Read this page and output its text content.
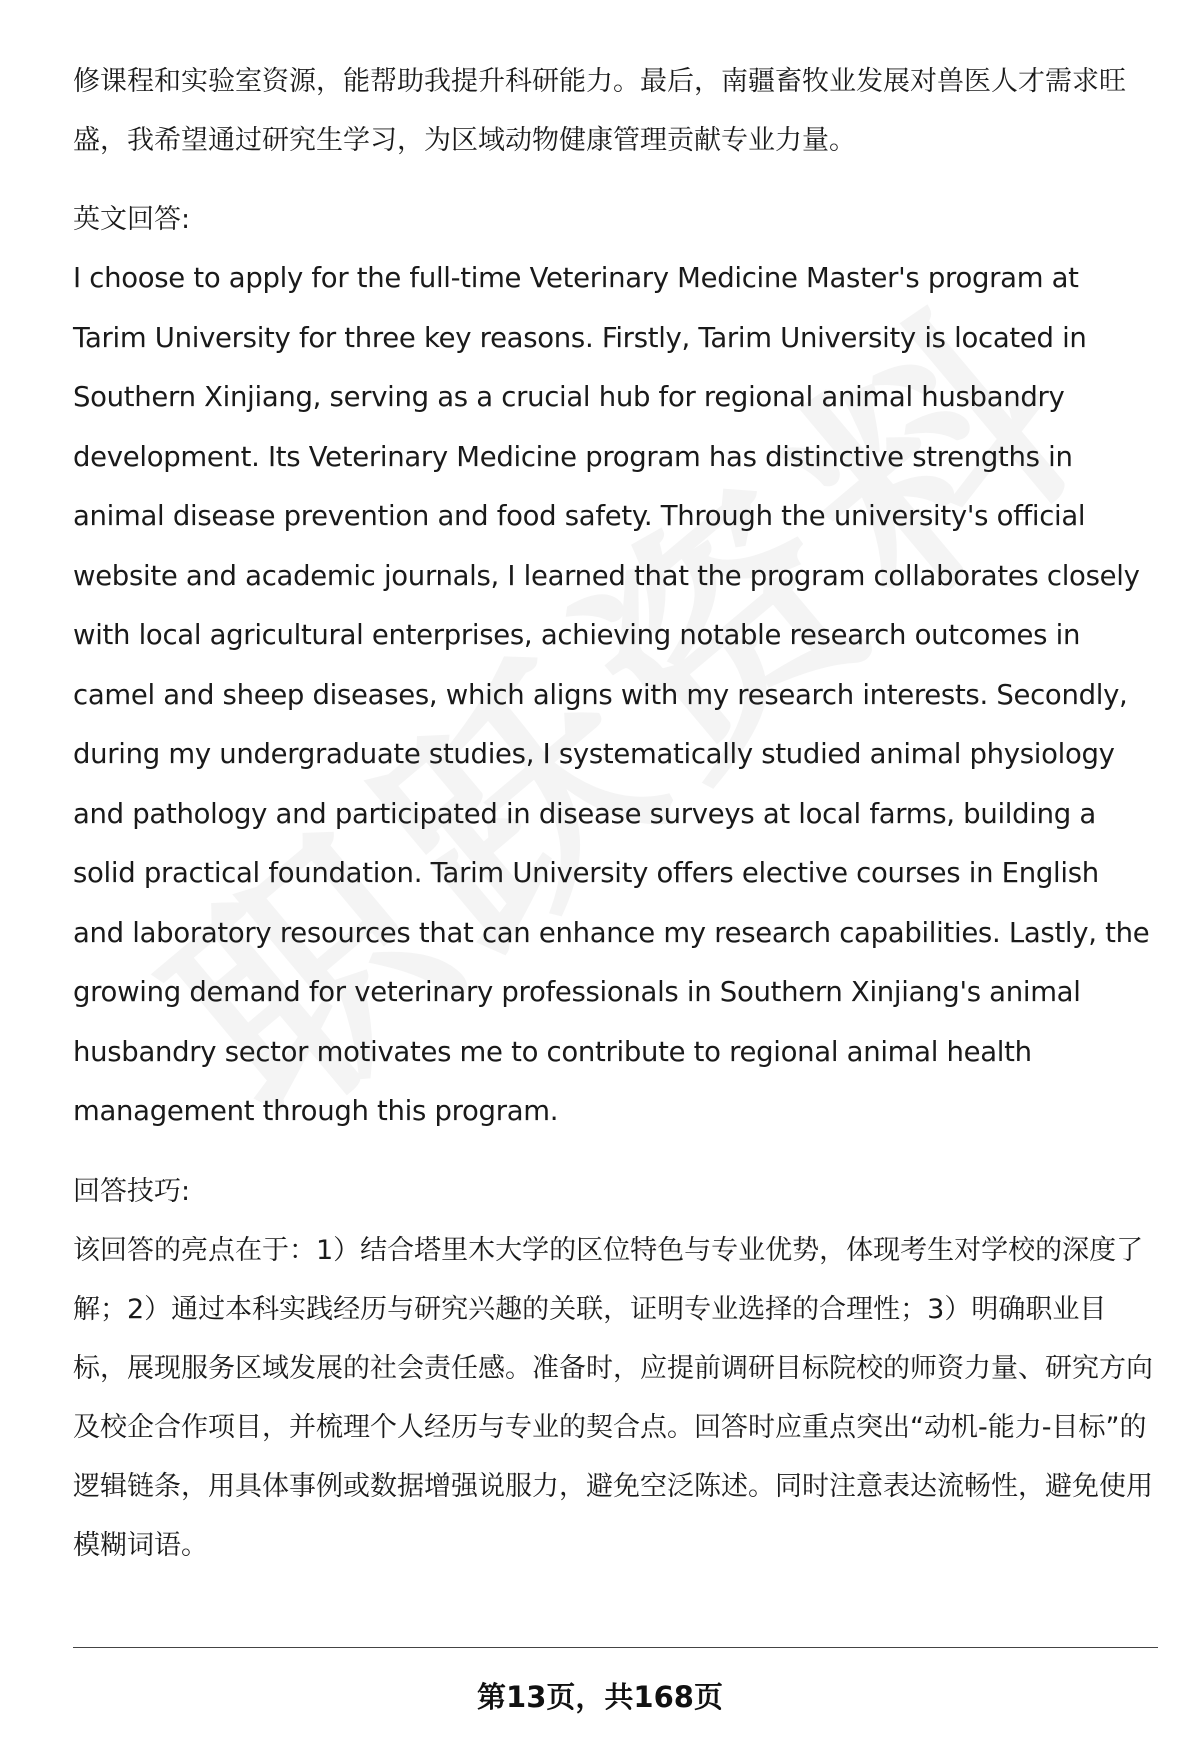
修课程和实验室资源，能帮助我提升科研能力。最后，南疆畜牧业发展对兽医人才需求旺盛，我希望通过研究生学习，为区域动物健康管理贡献专业力量。

英文回答:

I choose to apply for the full-time Veterinary Medicine Master's program at Tarim University for three key reasons. Firstly, Tarim University is located in Southern Xinjiang, serving as a crucial hub for regional animal husbandry development. Its Veterinary Medicine program has distinctive strengths in animal disease prevention and food safety. Through the university's official website and academic journals, I learned that the program collaborates closely with local agricultural enterprises, achieving notable research outcomes in camel and sheep diseases, which aligns with my research interests. Secondly, during my undergraduate studies, I systematically studied animal physiology and pathology and participated in disease surveys at local farms, building a solid practical foundation. Tarim University offers elective courses in English and laboratory resources that can enhance my research capabilities. Lastly, the growing demand for veterinary professionals in Southern Xinjiang's animal husbandry sector motivates me to contribute to regional animal health management through this program.

回答技巧:

该回答的亮点在于：1）结合塔里木大学的区位特色与专业优势，体现考生对学校的深度了解；2）通过本科实践经历与研究兴趣的关联，证明专业选择的合理性；3）明确职业目标，展现服务区域发展的社会责任感。准备时，应提前调研目标院校的师资力量、研究方向及校企合作项目，并梳理个人经历与专业的契合点。回答时应重点突出“动机-能力-目标”的逻辑链条，用具体事例或数据增强说服力，避免空泛陈述。同时注意表达流畅性，避免使用模糊词语。

第13页，共168页
